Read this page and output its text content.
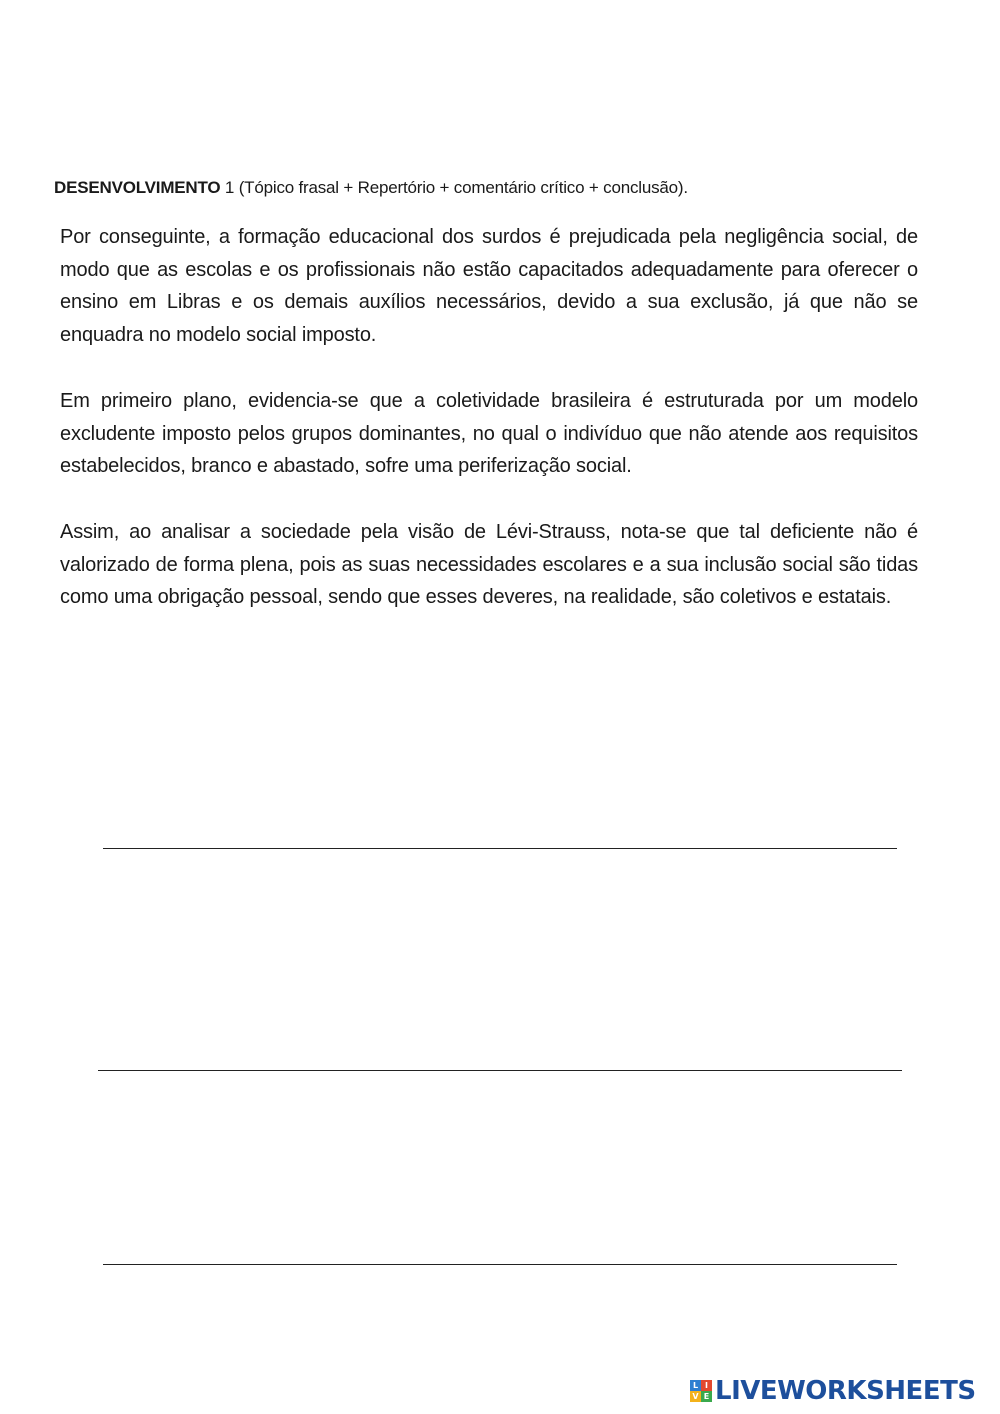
DESENVOLVIMENTO 1 (Tópico frasal + Repertório + comentário crítico + conclusão).

Por conseguinte, a formação educacional dos surdos é prejudicada pela negligência social, de modo que as escolas e os profissionais não estão capacitados adequadamente para oferecer o ensino em Libras e os demais auxílios necessários, devido a sua exclusão, já que não se enquadra no modelo social imposto.

Em primeiro plano, evidencia-se que a coletividade brasileira é estruturada por um modelo excludente imposto pelos grupos dominantes, no qual o indivíduo que não atende aos requisitos estabelecidos, branco e abastado, sofre uma periferização social.

Assim, ao analisar a sociedade pela visão de Lévi-Strauss, nota-se que tal deficiente não é valorizado de forma plena, pois as suas necessidades escolares e a sua inclusão social são tidas como uma obrigação pessoal, sendo que esses deveres, na realidade, são coletivos e estatais.

L I
V E LIVEWORKSHEETS
